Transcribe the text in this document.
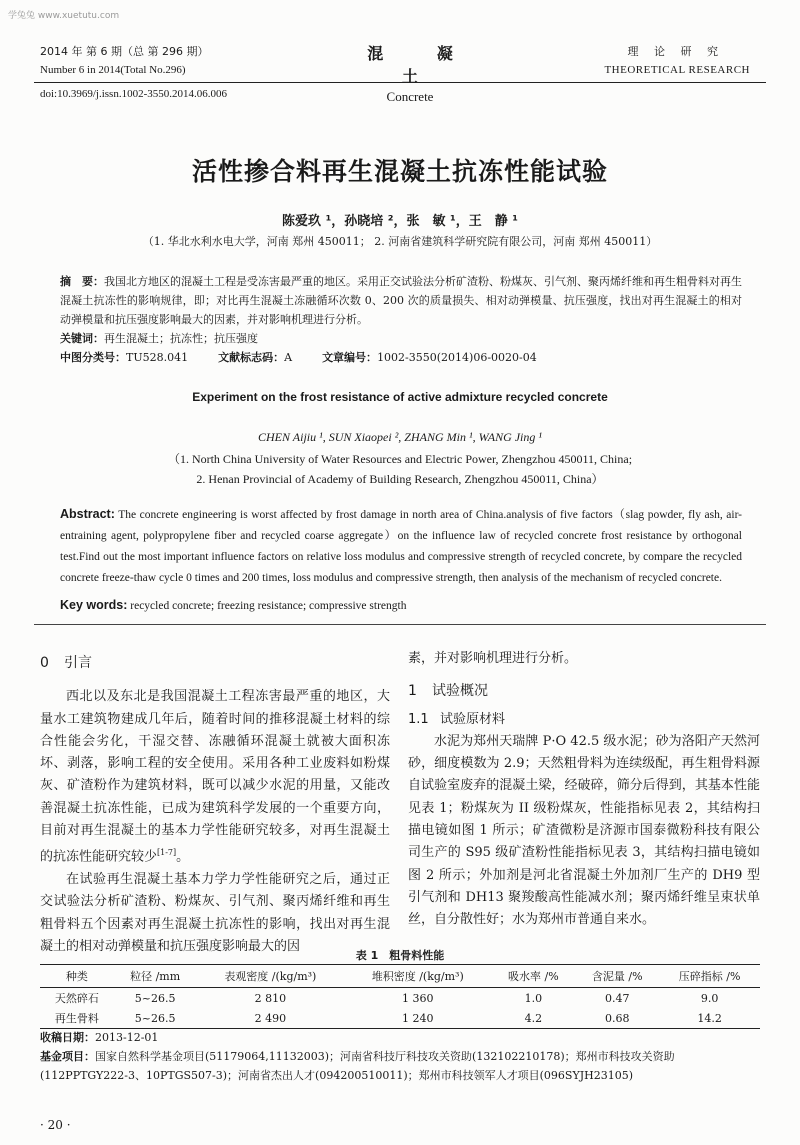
学兔兔 www.xuetutu.com
2014 年 第 6 期（总 第 296 期）
Number 6 in 2014(Total No.296)
混 凝 土
Concrete
理 论 研 究
THEORETICAL RESEARCH
doi:10.3969/j.issn.1002-3550.2014.06.006
活性掺合料再生混凝土抗冻性能试验
陈爱玖 ¹，孙晓培 ²，张　敏 ¹，王　静 ¹
（1. 华北水利水电大学，河南 郑州 450011； 2. 河南省建筑科学研究院有限公司，河南 郑州 450011）
摘　要：我国北方地区的混凝土工程是受冻害最严重的地区。采用正交试验法分析矿渣粉、粉煤灰、引气剂、聚丙烯纤维和再生粗骨料对再生混凝土抗冻性的影响规律，即；对比再生混凝土冻融循环次数 0、200 次的质量损失、相对动弹模量、抗压强度，找出对再生混凝土的相对动弹模量和抗压强度影响最大的因素，并对影响机理进行分析。
关键词：再生混凝土；抗冻性；抗压强度
中图分类号：TU528.041	文献标志码：A	文章编号：1002-3550(2014)06-0020-04
Experiment on the frost resistance of active admixture recycled concrete
CHEN Aijiu ¹, SUN Xiaopei ², ZHANG Min ¹, WANG Jing ¹
（1. North China University of Water Resources and Electric Power, Zhengzhou 450011, China;
2. Henan Provincial of Academy of Building Research, Zhengzhou 450011, China）
Abstract: The concrete engineering is worst affected by frost damage in north area of China.analysis of five factors（slag powder, fly ash, air-entraining agent, polypropylene fiber and recycled coarse aggregate）on the influence law of recycled concrete frost resistance by orthogonal test.Find out the most important influence factors on relative loss modulus and compressive strength of recycled concrete, by compare the recycled concrete freeze-thaw cycle 0 times and 200 times, loss modulus and compressive strength, then analysis of the mechanism of recycled concrete.
Key words: recycled concrete; freezing resistance; compressive strength
0 引言

西北以及东北是我国混凝土工程冻害最严重的地区，大量水工建筑物建成几年后，随着时间的推移混凝土材料的综合性能会劣化，干湿交替、冻融循环混凝土就被大面积冻坏、剥落，影响工程的安全使用。采用各种工业废料如粉煤灰、矿渣粉作为建筑材料，既可以减少水泥的用量，又能改善混凝土抗冻性能，已成为建筑科学发展的一个重要方向，目前对再生混凝土的基本力学性能研究较多，对再生混凝土的抗冻性能研究较少[1-7]。

在试验再生混凝土基本力学力学性能研究之后，通过正交试验法分析矿渣粉、粉煤灰、引气剂、聚丙烯纤维和再生粗骨料五个因素对再生混凝土抗冻性的影响，找出对再生混凝土的相对动弹模量和抗压强度影响最大的因

素，并对影响机理进行分析。

1 试验概况
1.1 试验原材料

水泥为郑州天瑞牌 P·O 42.5 级水泥；砂为洛阳产天然河砂，细度模数为 2.9；天然粗骨料为连续级配，再生粗骨料源自试验室废弃的混凝土梁，经破碎，筛分后得到，其基本性能见表 1；粉煤灰为 II 级粉煤灰，性能指标见表 2，其结构扫描电镜如图 1 所示；矿渣微粉是济源市国泰微粉科技有限公司生产的 S95 级矿渣粉性能指标见表 3，其结构扫描电镜如图 2 所示；外加剂是河北省混凝土外加剂厂生产的 DH9 型引气剂和 DH13 聚羧酸高性能减水剂；聚丙烯纤维呈束状单丝，自分散性好；水为郑州市普通自来水。

表 1　粗骨料性能
种类	粒径 /mm	表观密度 /(kg/m³)	堆积密度 /(kg/m³)	吸水率 /%	含泥量 /%	压碎指标 /%
天然碎石	5~26.5	2 810	1 360	1.0	0.47	9.0
再生骨料	5~26.5	2 490	1 240	4.2	0.68	14.2
收稿日期：2013-12-01
基金项目：国家自然科学基金项目(51179064,11132003)；河南省科技厅科技攻关资助(132102210178)；郑州市科技攻关资助(112PPTGY222-3、10PTGS507-3)；河南省杰出人才(094200510011)；郑州市科技领军人才项目(096SYJH23105)
· 20 ·
